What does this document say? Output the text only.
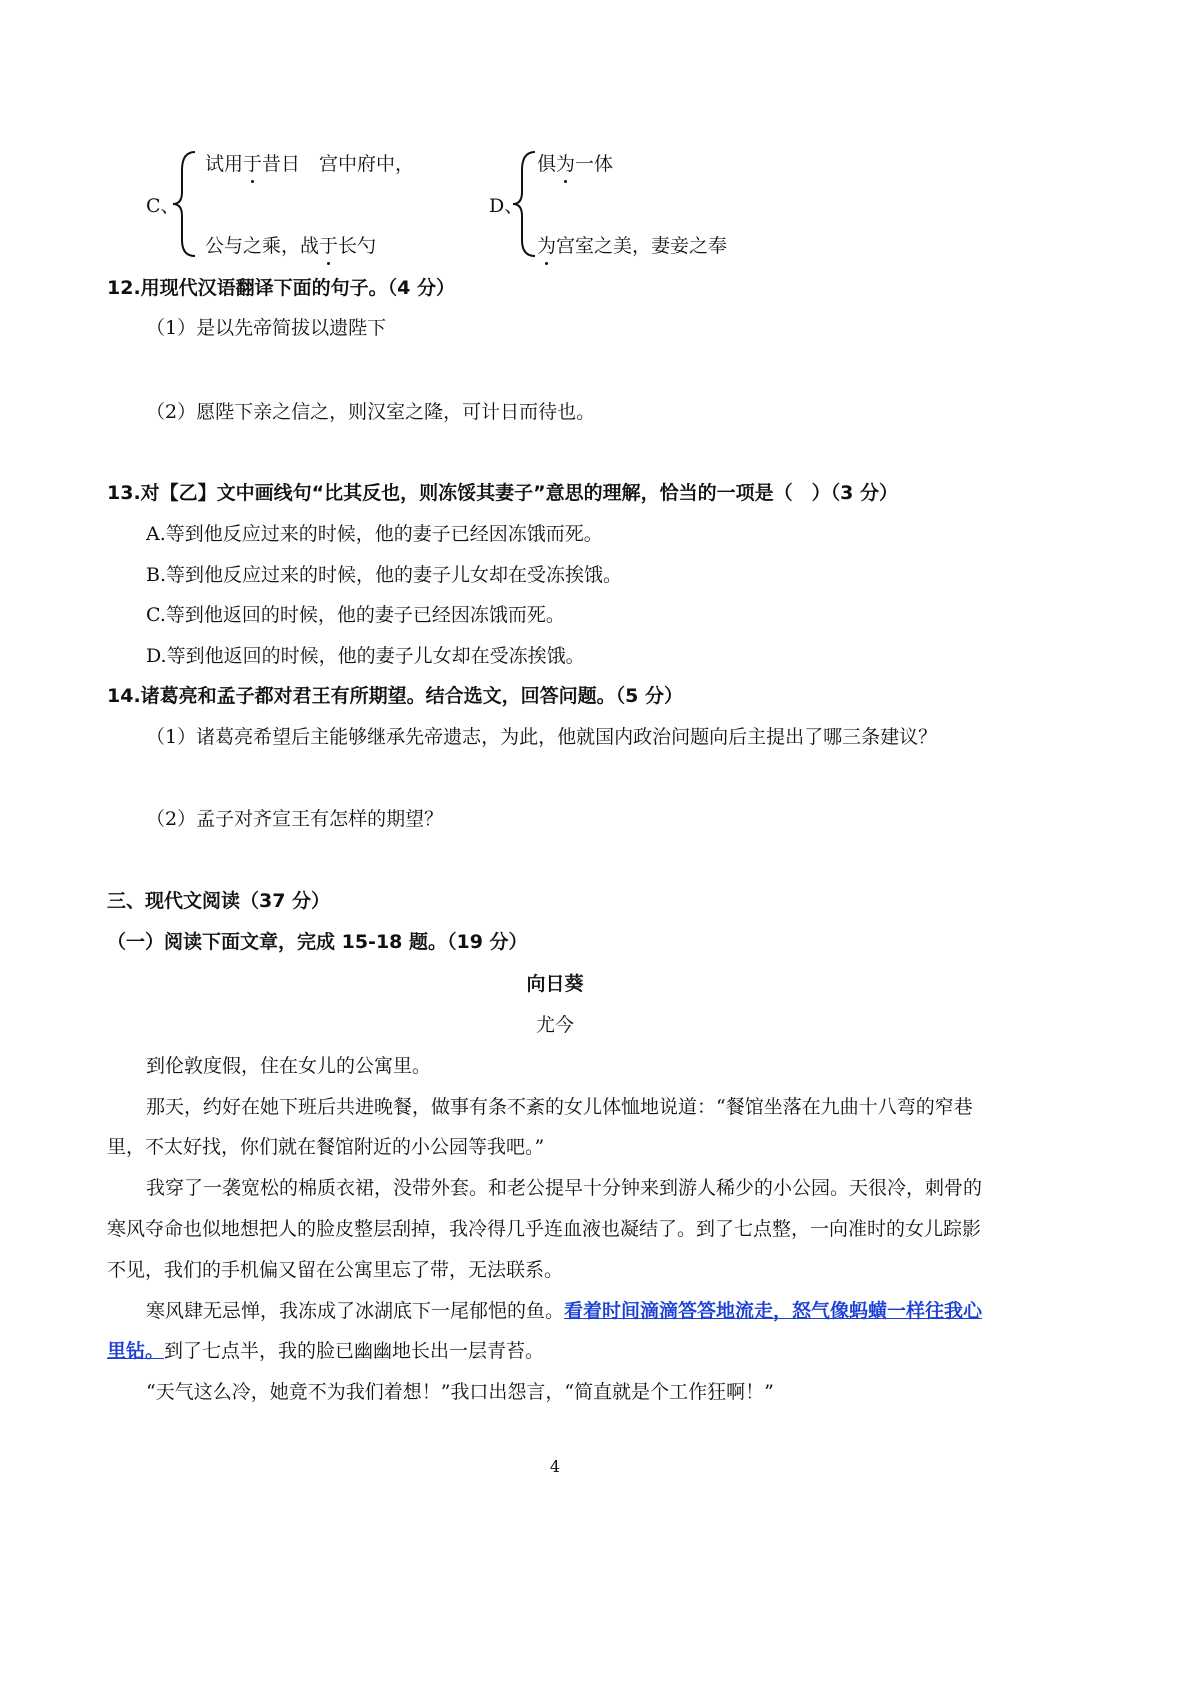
C、
试用于昔日　宫中府中，
公与之乘，战于长勺
D、
俱为一体
为宫室之美，妻妾之奉
12.用现代汉语翻译下面的句子。（4 分）
（1）是以先帝简拔以遗陛下
（2）愿陛下亲之信之，则汉室之隆，可计日而待也。
13.对【乙】文中画线句“比其反也，则冻馁其妻子”意思的理解，恰当的一项是（　）（3 分）
A.等到他反应过来的时候，他的妻子已经因冻饿而死。
B.等到他反应过来的时候，他的妻子儿女却在受冻挨饿。
C.等到他返回的时候，他的妻子已经因冻饿而死。
D.等到他返回的时候，他的妻子儿女却在受冻挨饿。
14.诸葛亮和孟子都对君王有所期望。结合选文，回答问题。（5 分）
（1）诸葛亮希望后主能够继承先帝遗志，为此，他就国内政治问题向后主提出了哪三条建议？
（2）孟子对齐宣王有怎样的期望？
三、现代文阅读（37 分）
（一）阅读下面文章，完成 15-18 题。（19 分）
向日葵
尤今
到伦敦度假，住在女儿的公寓里。
那天，约好在她下班后共进晚餐，做事有条不紊的女儿体恤地说道：“餐馆坐落在九曲十八弯的窄巷
里，不太好找，你们就在餐馆附近的小公园等我吧。”
我穿了一袭宽松的棉质衣裙，没带外套。和老公提早十分钟来到游人稀少的小公园。天很冷，刺骨的
寒风夺命也似地想把人的脸皮整层刮掉，我冷得几乎连血液也凝结了。到了七点整，一向准时的女儿踪影
不见，我们的手机偏又留在公寓里忘了带，无法联系。
寒风肆无忌惮，我冻成了冰湖底下一尾郁悒的鱼。看着时间滴滴答答地流走，怒气像蚂蟥一样往我心
里钻。到了七点半，我的脸已幽幽地长出一层青苔。
“天气这么冷，她竟不为我们着想！”我口出怨言，“简直就是个工作狂啊！”
4
